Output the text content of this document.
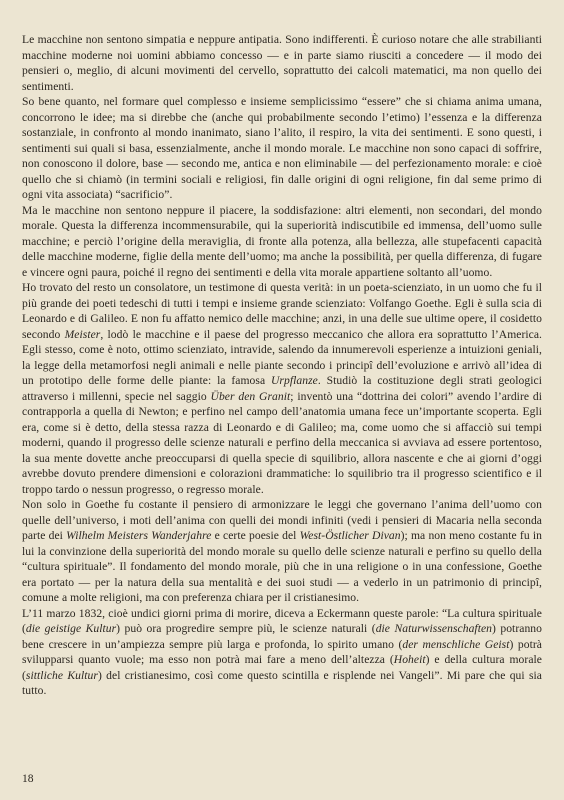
Le macchine non sentono simpatia e neppure antipatia. Sono indifferenti. È curioso notare che alle strabilianti macchine moderne noi uomini abbiamo concesso — e in parte siamo riusciti a concedere — il modo dei pensieri o, meglio, di alcuni movimenti del cervello, soprattutto dei calcoli matematici, ma non quello dei sentimenti.

So bene quanto, nel formare quel complesso e insieme semplicissimo “essere” che si chiama anima umana, concorrono le idee; ma si direbbe che (anche qui probabilmente secondo l’etimo) l’essenza e la differenza sostanziale, in confronto al mondo inanimato, siano l’alito, il respiro, la vita dei sentimenti. E sono questi, i sentimenti sui quali si basa, essenzialmente, anche il mondo morale. Le macchine non sono capaci di soffrire, non conoscono il dolore, base — secondo me, antica e non eliminabile — del perfezionamento morale: e cioè quello che si chiamò (in termini sociali e religiosi, fin dalle origini di ogni religione, fin dal seme primo di ogni vita associata) “sacrificio”.

Ma le macchine non sentono neppure il piacere, la soddisfazione: altri elementi, non secondari, del mondo morale. Questa la differenza incommensurabile, qui la superiorità indiscutibile ed immensa, dell’uomo sulle macchine; e perciò l’origine della meraviglia, di fronte alla potenza, alla bellezza, alle stupefacenti capacità delle macchine moderne, figlie della mente dell’uomo; ma anche la possibilità, per quella differenza, di fugare e vincere ogni paura, poiché il regno dei sentimenti e della vita morale appartiene soltanto all’uomo.

Ho trovato del resto un consolatore, un testimone di questa verità: in un poeta-scienziato, in un uomo che fu il più grande dei poeti tedeschi di tutti i tempi e insieme grande scienziato: Volfango Goethe. Egli è sulla scia di Leonardo e di Galileo. E non fu affatto nemico delle macchine; anzi, in una delle sue ultime opere, il cosidetto secondo Meister, lodò le macchine e il paese del progresso meccanico che allora era soprattutto l’America. Egli stesso, come è noto, ottimo scienziato, intravide, salendo da innumerevoli esperienze a intuizioni geniali, la legge della metamorfosi negli animali e nelle piante secondo i principî dell’evoluzione e arrivò all’idea di un prototipo delle forme delle piante: la famosa Urpflanze. Studiò la costituzione degli strati geologici attraverso i millenni, specie nel saggio Über den Granit; inventò una “dottrina dei colori” avendo l’ardire di contrapporla a quella di Newton; e perfino nel campo dell’anatomia umana fece un’importante scoperta. Egli era, come si è detto, della stessa razza di Leonardo e di Galileo; ma, come uomo che si affacciò sui tempi moderni, quando il progresso delle scienze naturali e perfino della meccanica si avviava ad essere portentoso, la sua mente dovette anche preoccuparsi di quella specie di squilibrio, allora nascente e che ai giorni d’oggi avrebbe dovuto prendere dimensioni e colorazioni drammatiche: lo squilibrio tra il progresso scientifico e il troppo tardo o nessun progresso, o regresso morale.

Non solo in Goethe fu costante il pensiero di armonizzare le leggi che governano l’anima dell’uomo con quelle dell’universo, i moti dell’anima con quelli dei mondi infiniti (vedi i pensieri di Macaria nella seconda parte dei Wilhelm Meisters Wanderjahre e certe poesie del West-Östlicher Divan); ma non meno costante fu in lui la convinzione della superiorità del mondo morale su quello delle scienze naturali e perfino su quello della “cultura spirituale”. Il fondamento del mondo morale, più che in una religione o in una confessione, Goethe era portato — per la natura della sua mentalità e dei suoi studi — a vederlo in un patrimonio di principî, comune a molte religioni, ma con preferenza chiara per il cristianesimo.

L’11 marzo 1832, cioè undici giorni prima di morire, diceva a Eckermann queste parole: “La cultura spirituale (die geistige Kultur) può ora progredire sempre più, le scienze naturali (die Naturwissenschaften) potranno bene crescere in un’ampiezza sempre più larga e profonda, lo spirito umano (der menschliche Geist) potrà svilupparsi quanto vuole; ma esso non potrà mai fare a meno dell’altezza (Hoheit) e della cultura morale (sittliche Kultur) del cristianesimo, così come questo scintilla e risplende nei Vangeli”. Mi pare che qui sia tutto.

18
